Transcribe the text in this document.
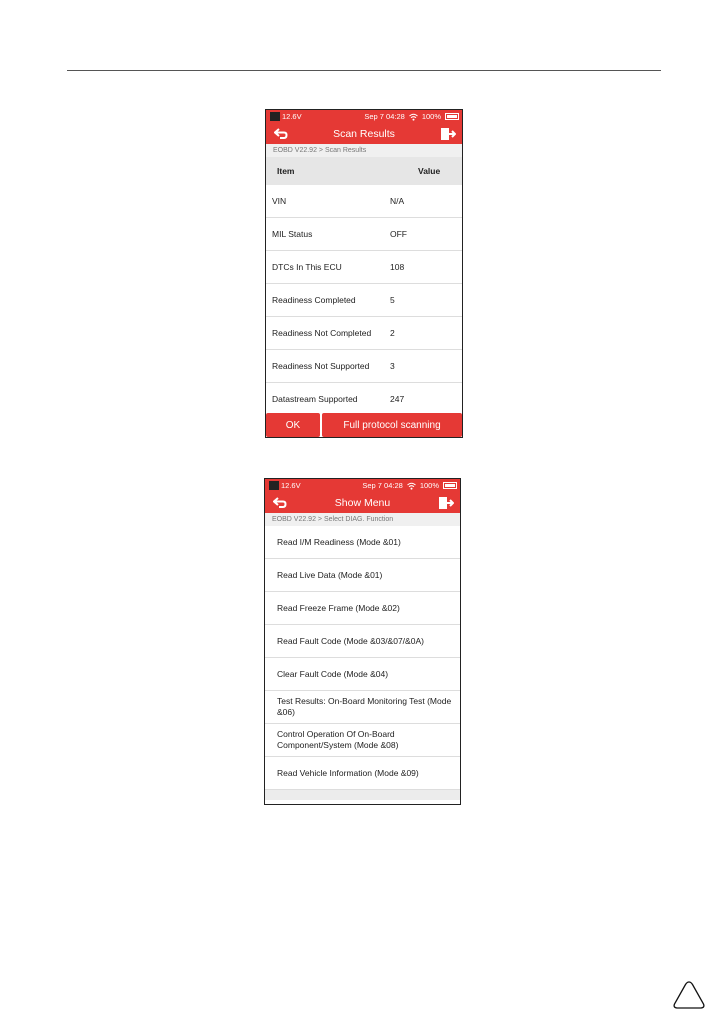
12.6V	Sep 7 04:28 100%
Scan Results
EOBD V22.92 > Scan Results
Item	Value
VIN	N/A
MIL Status	OFF
DTCs In This ECU	108
Readiness Completed	5
Readiness Not Completed	2
Readiness Not Supported	3
Datastream Supported	247
OK	Full protocol scanning
12.6V	Sep 7 04:28 100%
Show Menu
EOBD V22.92 > Select DIAG. Function
Read I/M Readiness (Mode &01)
Read Live Data (Mode &01)
Read Freeze Frame (Mode &02)
Read Fault Code (Mode &03/&07/&0A)
Clear Fault Code (Mode &04)
Test Results: On-Board Monitoring Test (Mode &06)
Control Operation Of On-Board Component/System (Mode &08)
Read Vehicle Information (Mode &09)
